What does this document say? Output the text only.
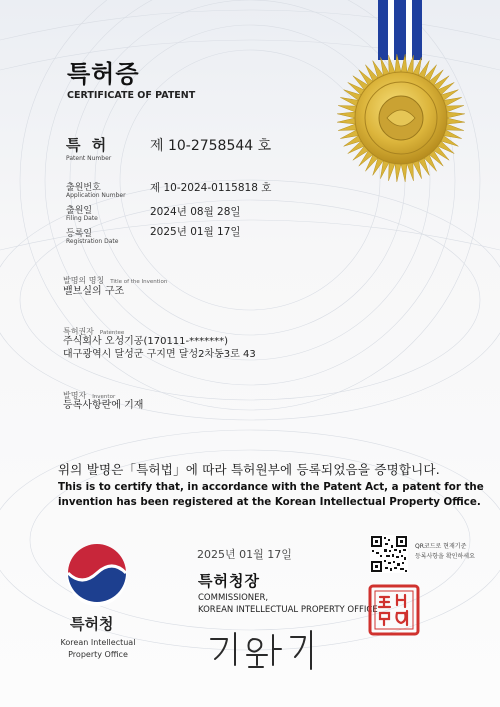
특허증
CERTIFICATE OF PATENT
특 허
Patent Number
제 10-2758544 호
출원번호
Application Number
제 10-2024-0115818 호
출원일
Filing Date
2024년 08월 28일
등록일
Registration Date
2025년 01월 17일
발명의 명칭 Title of the Invention
밸브실의 구조
특허권자 Patentee
주식회사 오성기공(170111-*******)
대구광역시 달성군 구지면 달성2차동3로 43
발명자 Inventor
등록사항란에 기재
위의 발명은「특허법」에 따라 특허원부에 등록되었음을 증명합니다.
This is to certify that, in accordance with the Patent Act, a patent for the
invention has been registered at the Korean Intellectual Property Office.
2025년 01월 17일
특허청장
COMMISSIONER,
KOREAN INTELLECTUAL PROPERTY OFFICE
QR코드로 현재기준
등록사항을 확인하세요
특허청
Korean Intellectual
Property Office
